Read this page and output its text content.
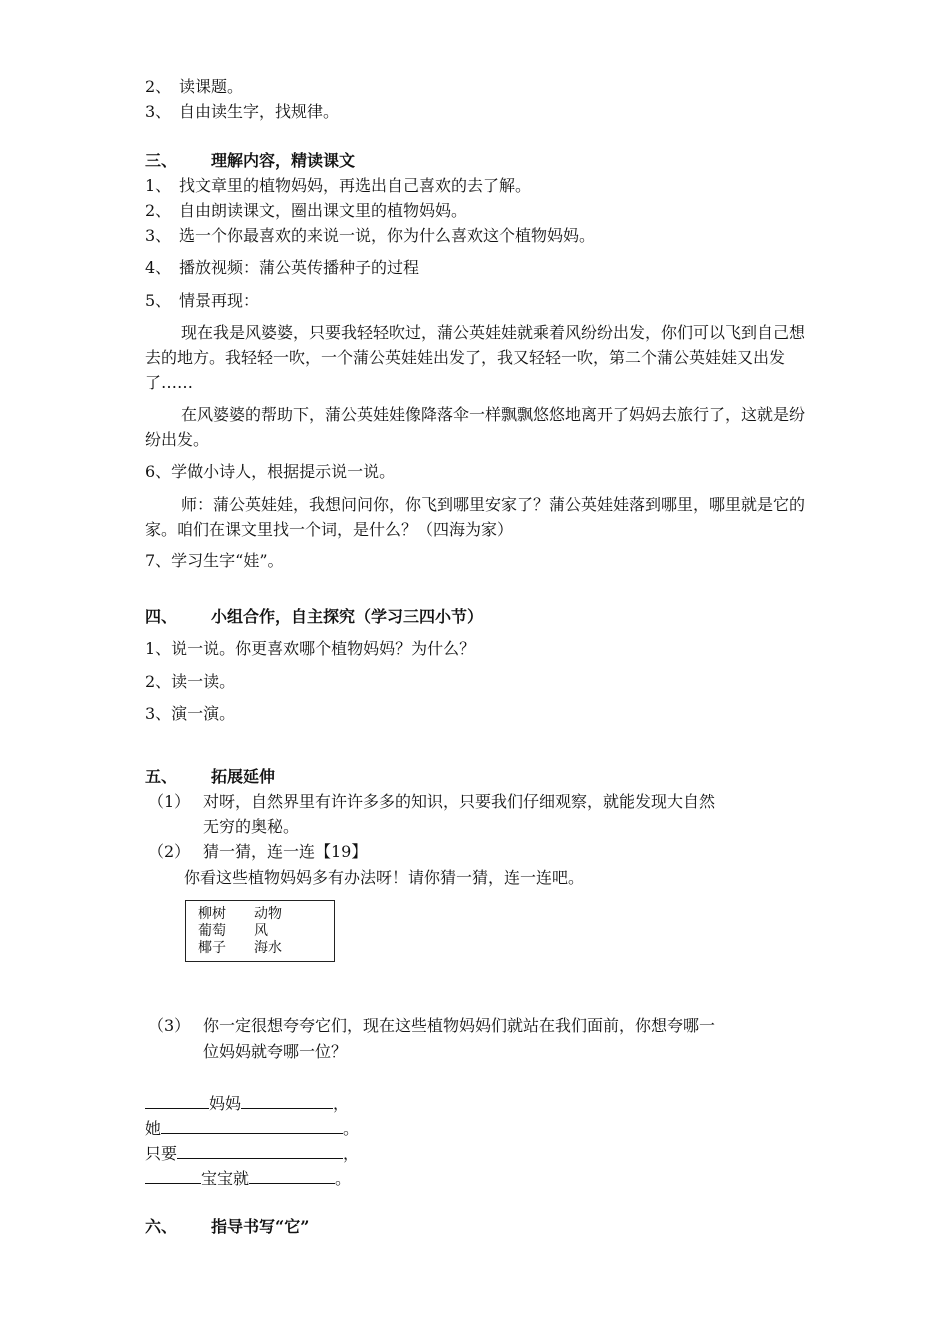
2、 读课题。
3、 自由读生字，找规律。
三、 理解内容，精读课文
1、 找文章里的植物妈妈，再选出自己喜欢的去了解。
2、 自由朗读课文，圈出课文里的植物妈妈。
3、 选一个你最喜欢的来说一说，你为什么喜欢这个植物妈妈。
4、 播放视频：蒲公英传播种子的过程
5、 情景再现：
现在我是风婆婆，只要我轻轻吹过，蒲公英娃娃就乘着风纷纷出发，你们可以飞到自己想去的地方。我轻轻一吹，一个蒲公英娃娃出发了，我又轻轻一吹，第二个蒲公英娃娃又出发了……
在风婆婆的帮助下，蒲公英娃娃像降落伞一样飘飘悠悠地离开了妈妈去旅行了，这就是纷纷出发。
6、学做小诗人，根据提示说一说。
师：蒲公英娃娃，我想问问你，你飞到哪里安家了？蒲公英娃娃落到哪里，哪里就是它的家。咱们在课文里找一个词，是什么？（四海为家）
7、学习生字“娃”。
四、 小组合作，自主探究（学习三四小节）
1、说一说。你更喜欢哪个植物妈妈？为什么？
2、读一读。
3、演一演。
五、 拓展延伸
（1） 对呀，自然界里有许许多多的知识，只要我们仔细观察，就能发现大自然
无穷的奥秘。
（2） 猜一猜，连一连【19】
你看这些植物妈妈多有办法呀！请你猜一猜，连一连吧。
柳树 动物
葡萄 风
椰子 海水
（3） 你一定很想夸夸它们，现在这些植物妈妈们就站在我们面前，你想夸哪一
位妈妈就夸哪一位？
妈妈	，
她	。
只要	，
宝宝就	。
六、 指导书写“它”
